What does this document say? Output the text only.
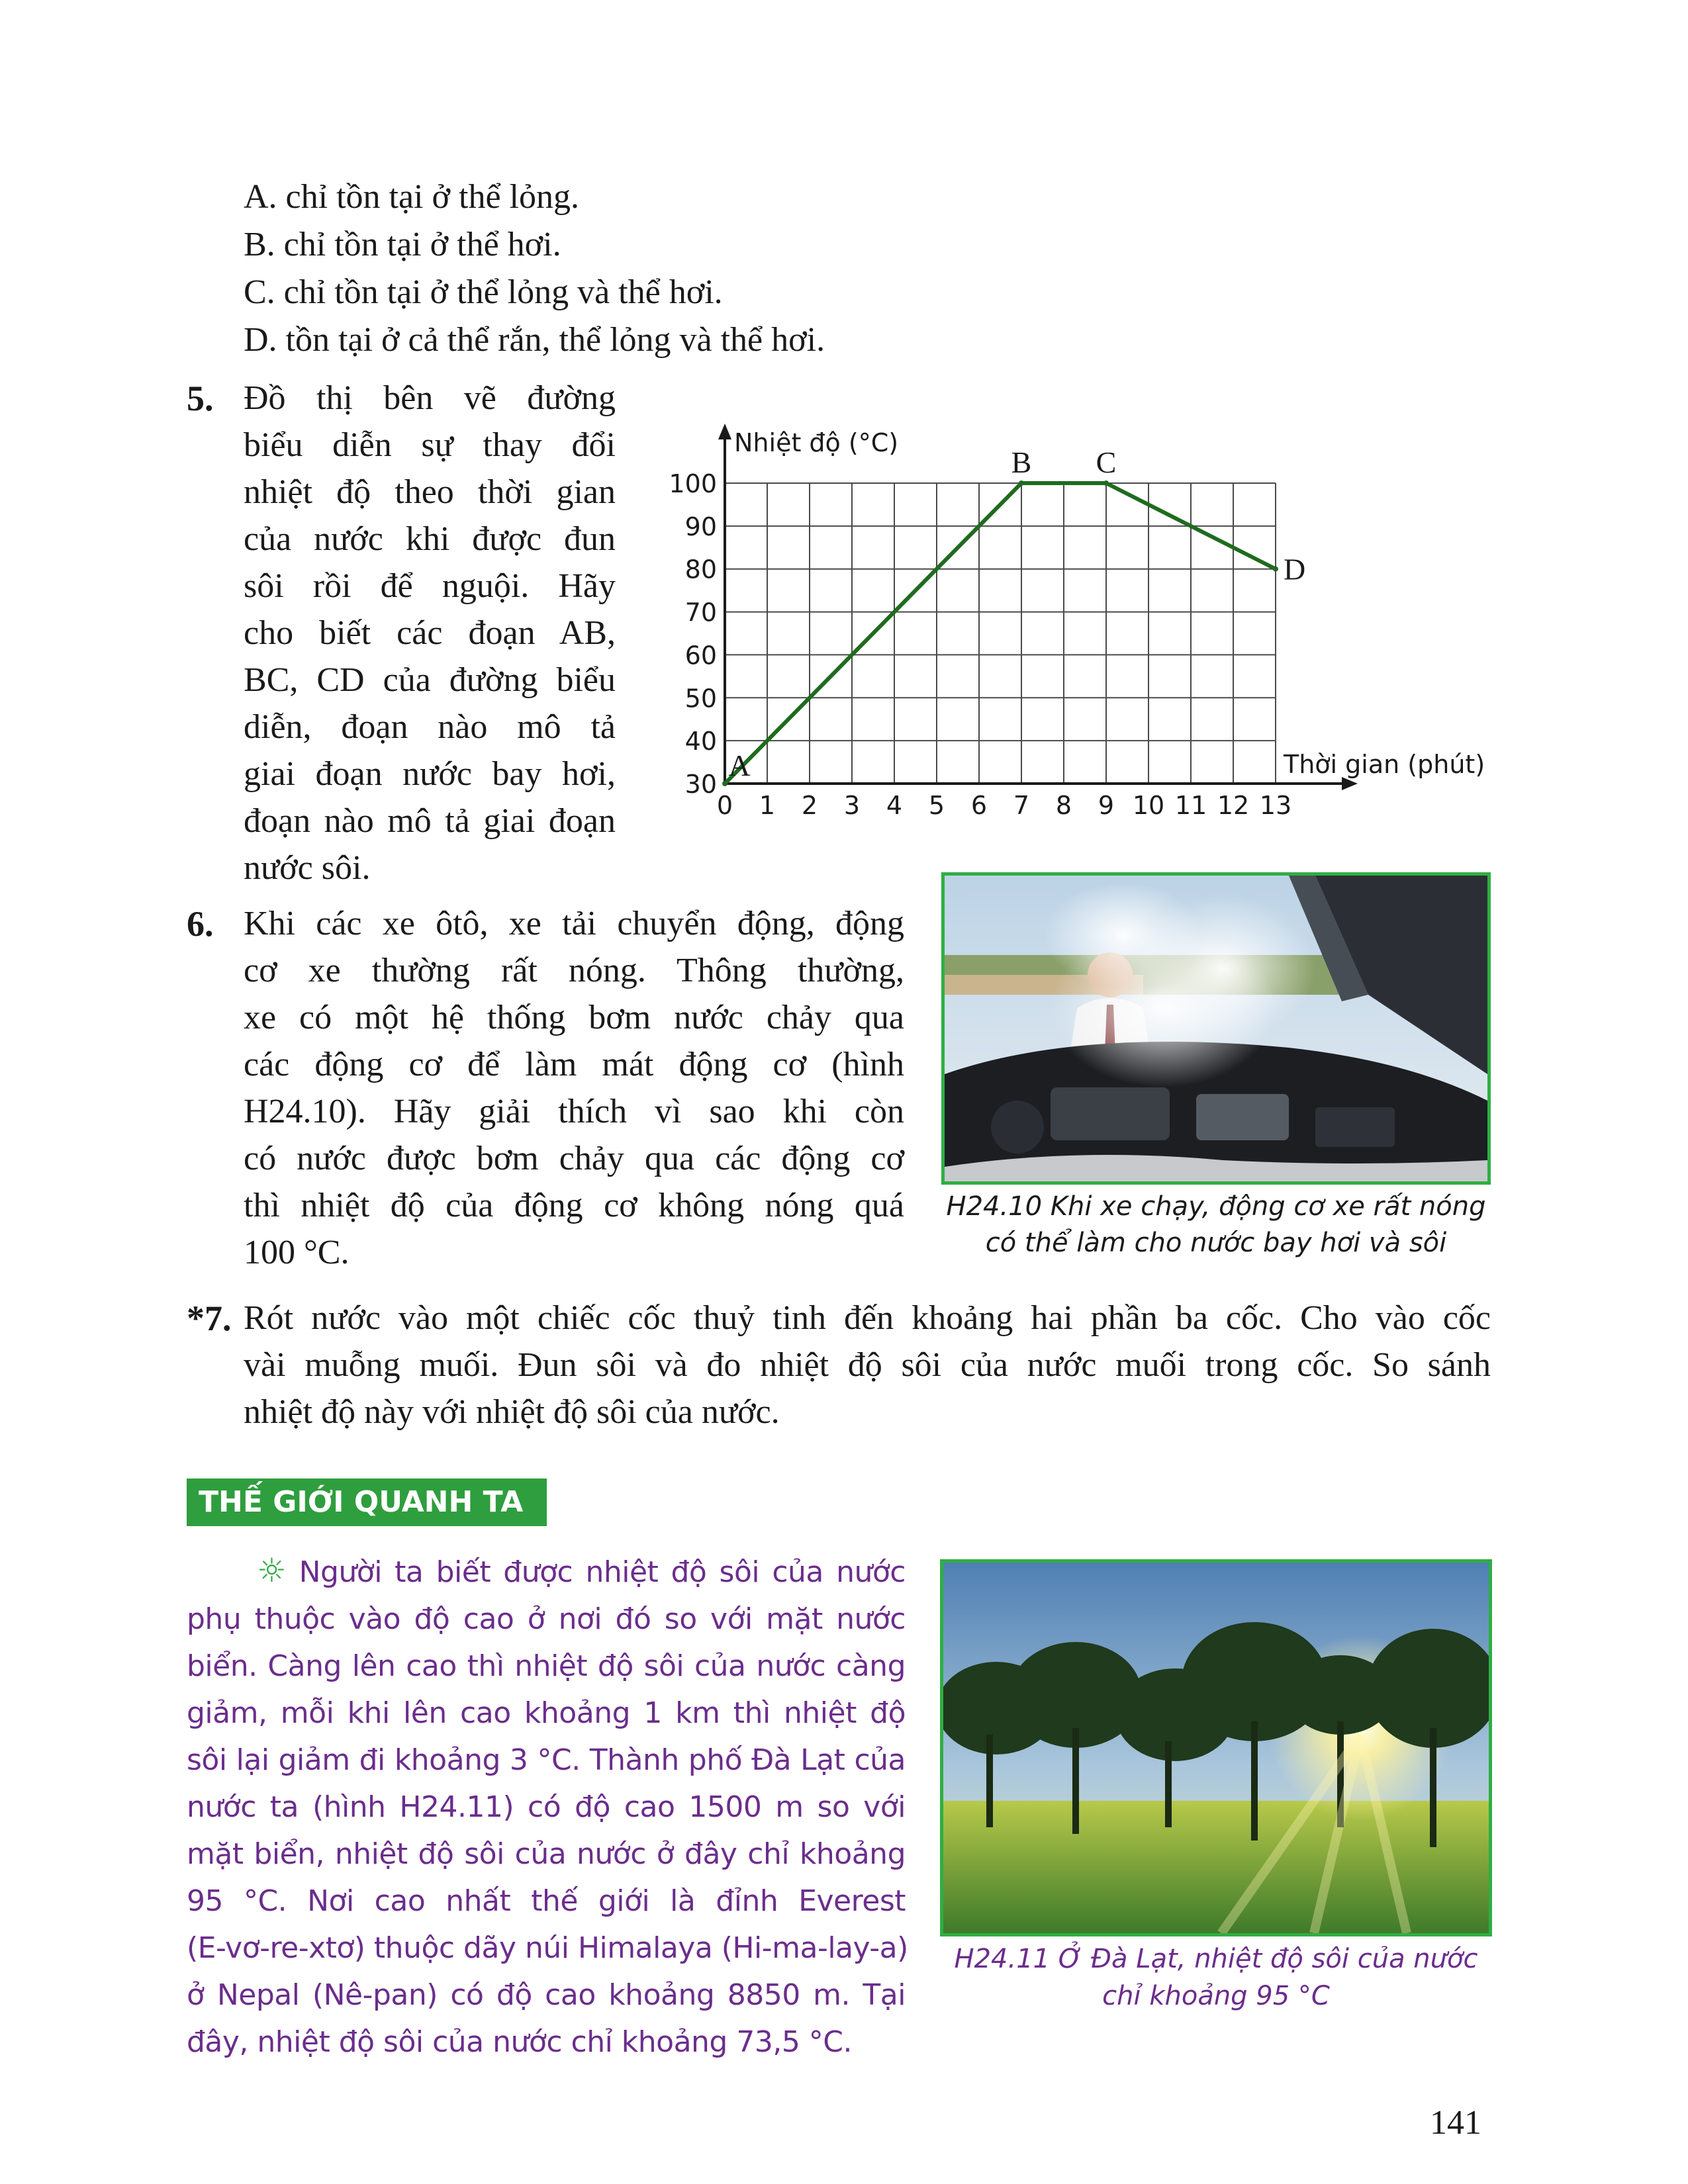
A. chỉ tồn tại ở thể lỏng.
B. chỉ tồn tại ở thể hơi.
C. chỉ tồn tại ở thể lỏng và thể hơi.
D. tồn tại ở cả thể rắn, thể lỏng và thể hơi.
5. Đồ thị bên vẽ đường
biểu diễn sự thay đổi
nhiệt độ theo thời gian
của nước khi được đun
sôi rồi để nguội. Hãy
cho biết các đoạn AB,
BC, CD của đường biểu
diễn, đoạn nào mô tả
giai đoạn nước bay hơi,
đoạn nào mô tả giai đoạn
nước sôi.
0 1 2 3 4 5 6 7 8 9 10 11 12 13
30
40
50
60
70
80
90
100
Nhiệt độ (°C)
Thời gian (phút)
A
B C
D
6. Khi các xe ôtô, xe tải chuyển động, động
cơ xe thường rất nóng. Thông thường,
xe có một hệ thống bơm nước chảy qua
các động cơ để làm mát động cơ (hình
H24.10). Hãy giải thích vì sao khi còn
có nước được bơm chảy qua các động cơ
thì nhiệt độ của động cơ không nóng quá
100 °C.
H24.10 Khi xe chạy, động cơ xe rất nóng
có thể làm cho nước bay hơi và sôi
*7. Rót nước vào một chiếc cốc thuỷ tinh đến khoảng hai phần ba cốc. Cho vào cốc
vài muỗng muối. Đun sôi và đo nhiệt độ sôi của nước muối trong cốc. So sánh
nhiệt độ này với nhiệt độ sôi của nước.
THẾ GIỚI QUANH TA
☼ Người ta biết được nhiệt độ sôi của nước
phụ thuộc vào độ cao ở nơi đó so với mặt nước
biển. Càng lên cao thì nhiệt độ sôi của nước càng
giảm, mỗi khi lên cao khoảng 1 km thì nhiệt độ
sôi lại giảm đi khoảng 3 °C. Thành phố Đà Lạt của
nước ta (hình H24.11) có độ cao 1500 m so với
mặt biển, nhiệt độ sôi của nước ở đây chỉ khoảng
95 °C. Nơi cao nhất thế giới là đỉnh Everest
(E-vơ-re-xtơ) thuộc dãy núi Himalaya (Hi-ma-lay-a)
ở Nepal (Nê-pan) có độ cao khoảng 8850 m. Tại
đây, nhiệt độ sôi của nước chỉ khoảng 73,5 °C.
H24.11 Ở Đà Lạt, nhiệt độ sôi của nước
chỉ khoảng 95 °C
141
